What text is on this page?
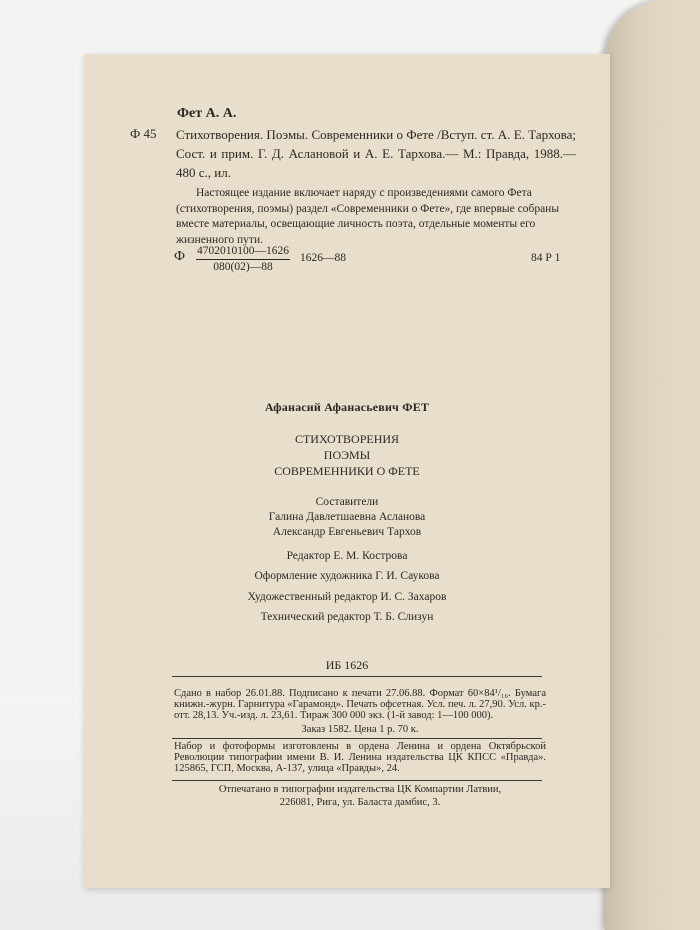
Фет А. А.
Ф 45 Стихотворения. Поэмы. Современники о Фете /Вступ. ст. А. Е. Тархова; Сост. и прим. Г. Д. Аслановой и А. Е. Тархова.— М.: Правда, 1988.— 480 с., ил.
Настоящее издание включает наряду с произведениями самого Фета (стихотворения, поэмы) раздел «Современники о Фете», где впервые собраны вместе материалы, освещающие личность поэта, отдельные моменты его жизненного пути.
Ф $\frac{4702010100—1626}{080(02)—88}$ 1626—88	84 Р 1
Афанасий Афанасьевич ФЕТ
СТИХОТВОРЕНИЯ
ПОЭМЫ
СОВРЕМЕННИКИ О ФЕТЕ
Составители
Галина Давлетшаевна Асланова
Александр Евгеньевич Тархов
Редактор Е. М. Кострова
Оформление художника Г. И. Саукова
Художественный редактор И. С. Захаров
Технический редактор Т. Б. Слизун
ИБ 1626
Сдано в набор 26.01.88. Подписано к печати 27.06.88. Формат 60×84¹/₁₆. Бумага книжн.-журн. Гарнитура «Гарамонд». Печать офсетная. Усл. печ. л. 27,90. Усл. кр.-отт. 28,13. Уч.-изд. л. 23,61. Тираж 300 000 экз. (1-й завод: 1—100 000).
Заказ 1582. Цена 1 р. 70 к.
Набор и фотоформы изготовлены в ордена Ленина и ордена Октябрьской Революции типографии имени В. И. Ленина издательства ЦК КПСС «Правда». 125865, ГСП, Москва, А-137, улица «Правды», 24.
Отпечатано в типографии издательства ЦК Компартии Латвии,
226081, Рига, ул. Баласта дамбис, 3.
